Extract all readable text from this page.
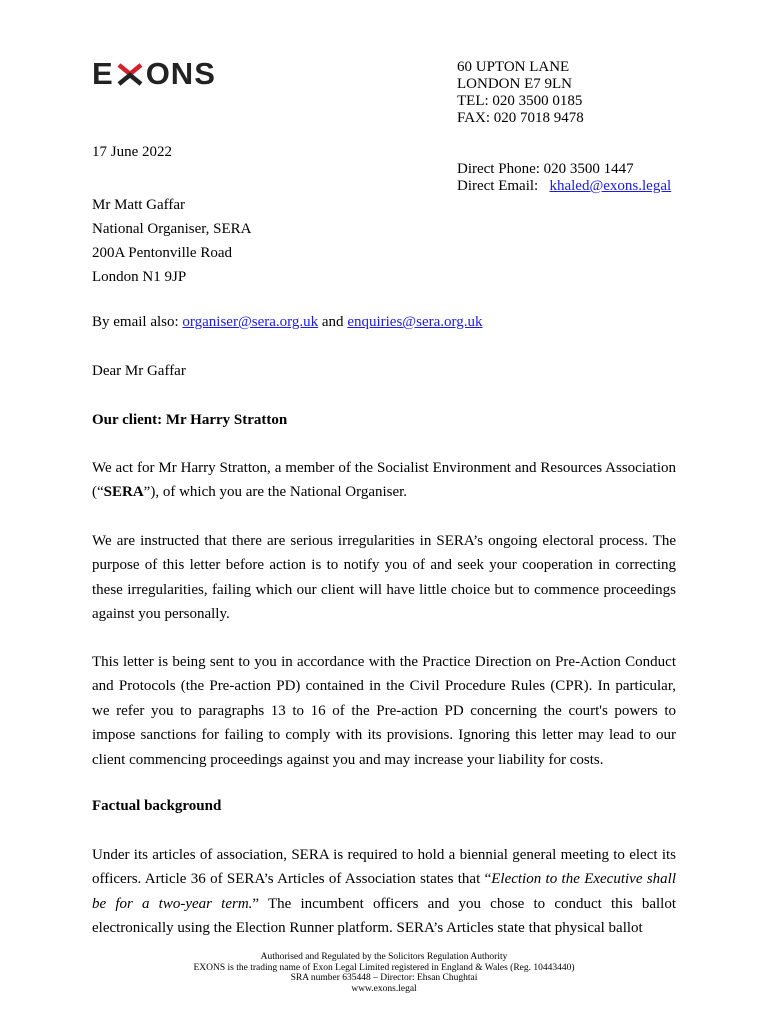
E ONS	60 UPTON LANE
LONDON E7 9LN
TEL: 020 3500 0185
FAX: 020 7018 9478
Direct Phone: 020 3500 1447
Direct Email: khaled@exons.legal
17 June 2022
Mr Matt Gaffar
National Organiser, SERA
200A Pentonville Road
London N1 9JP
By email also: organiser@sera.org.uk and enquiries@sera.org.uk
Dear Mr Gaffar
Our client: Mr Harry Stratton

We act for Mr Harry Stratton, a member of the Socialist Environment and Resources Association (“SERA”), of which you are the National Organiser.

We are instructed that there are serious irregularities in SERA’s ongoing electoral process. The purpose of this letter before action is to notify you of and seek your cooperation in correcting these irregularities, failing which our client will have little choice but to commence proceedings against you personally.

This letter is being sent to you in accordance with the Practice Direction on Pre-Action Conduct and Protocols (the Pre-action PD) contained in the Civil Procedure Rules (CPR). In particular, we refer you to paragraphs 13 to 16 of the Pre-action PD concerning the court's powers to impose sanctions for failing to comply with its provisions. Ignoring this letter may lead to our client commencing proceedings against you and may increase your liability for costs.

Factual background

Under its articles of association, SERA is required to hold a biennial general meeting to elect its officers. Article 36 of SERA’s Articles of Association states that “Election to the Executive shall be for a two-year term.” The incumbent officers and you chose to conduct this ballot electronically using the Election Runner platform. SERA’s Articles state that physical ballot

Authorised and Regulated by the Solicitors Regulation Authority
EXONS is the trading name of Exon Legal Limited registered in England & Wales (Reg. 10443440)
SRA number 635448 – Director: Ehsan Chughtai
www.exons.legal
